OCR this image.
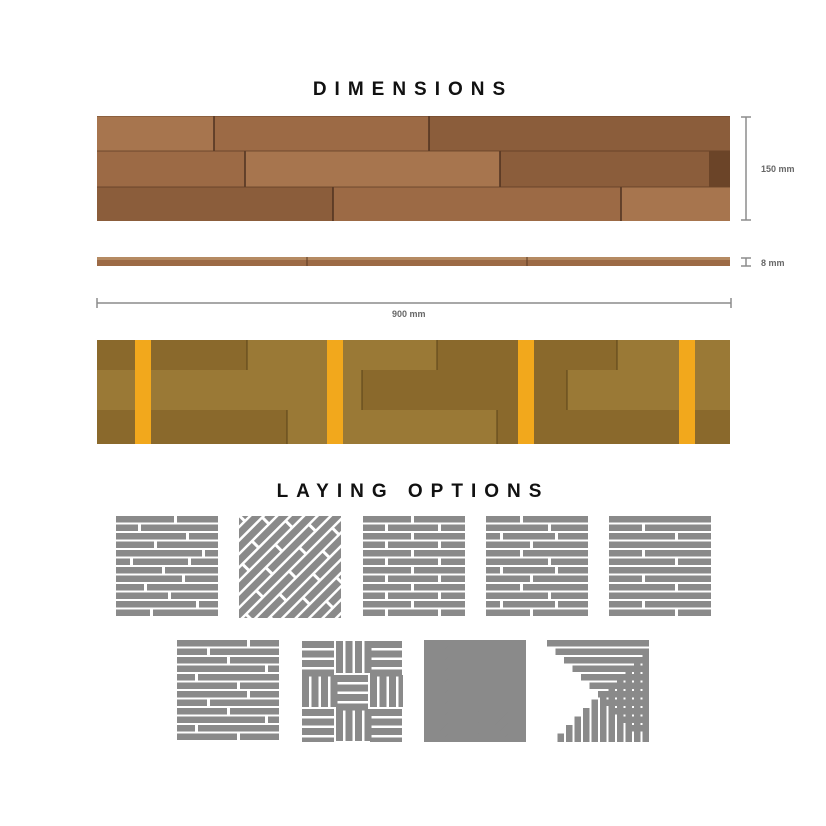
DIMENSIONS
150 mm
8 mm
900 mm
LAYING OPTIONS
